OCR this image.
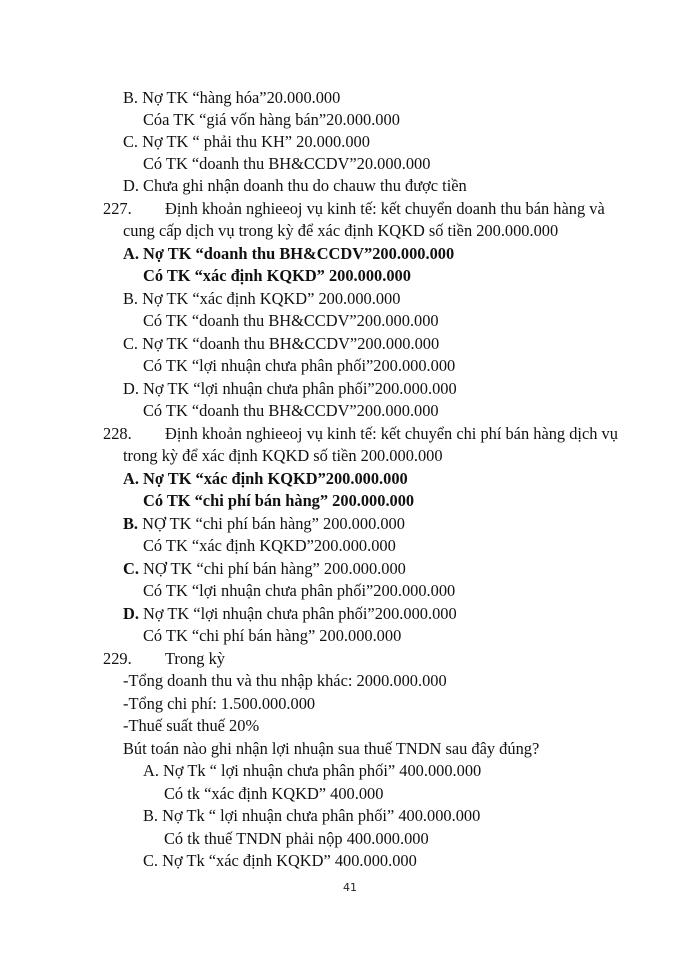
B. Nợ TK “hàng hóa”20.000.000
Cóa TK “giá vốn hàng bán”20.000.000
C. Nợ TK “ phải thu KH” 20.000.000
Có TK “doanh thu BH&CCDV”20.000.000
D. Chưa ghi nhận doanh thu do chauw thu được tiền
227. Định khoản nghieeoj vụ kinh tế: kết chuyển doanh thu bán hàng và
cung cấp dịch vụ trong kỳ để xác định KQKD số tiền 200.000.000
A. Nợ TK “doanh thu BH&CCDV”200.000.000
Có TK “xác định KQKD” 200.000.000
B. Nợ TK “xác định KQKD” 200.000.000
Có TK “doanh thu BH&CCDV”200.000.000
C. Nợ TK “doanh thu BH&CCDV”200.000.000
Có TK “lợi nhuận chưa phân phối”200.000.000
D. Nợ TK “lợi nhuận chưa phân phối”200.000.000
Có TK “doanh thu BH&CCDV”200.000.000
228. Định khoản nghieeoj vụ kinh tế: kết chuyển chi phí bán hàng dịch vụ
trong kỳ để xác định KQKD số tiền 200.000.000
A. Nợ TK “xác định KQKD”200.000.000
Có TK “chi phí bán hàng” 200.000.000
B. NỢ TK “chi phí bán hàng” 200.000.000
Có TK “xác định KQKD”200.000.000
C. NỢ TK “chi phí bán hàng” 200.000.000
Có TK “lợi nhuận chưa phân phối”200.000.000
D. Nợ TK “lợi nhuận chưa phân phối”200.000.000
Có TK “chi phí bán hàng” 200.000.000
229. Trong kỳ
-Tổng doanh thu và thu nhập khác: 2000.000.000
-Tổng chi phí: 1.500.000.000
-Thuế suất thuế 20%
Bút toán nào ghi nhận lợi nhuận sua thuế TNDN sau đây đúng?
A. Nợ Tk “ lợi nhuận chưa phân phối” 400.000.000
Có tk “xác định KQKD” 400.000
B. Nợ Tk “ lợi nhuận chưa phân phối” 400.000.000
Có tk thuế TNDN phải nộp 400.000.000
C. Nợ Tk “xác định KQKD” 400.000.000
41
